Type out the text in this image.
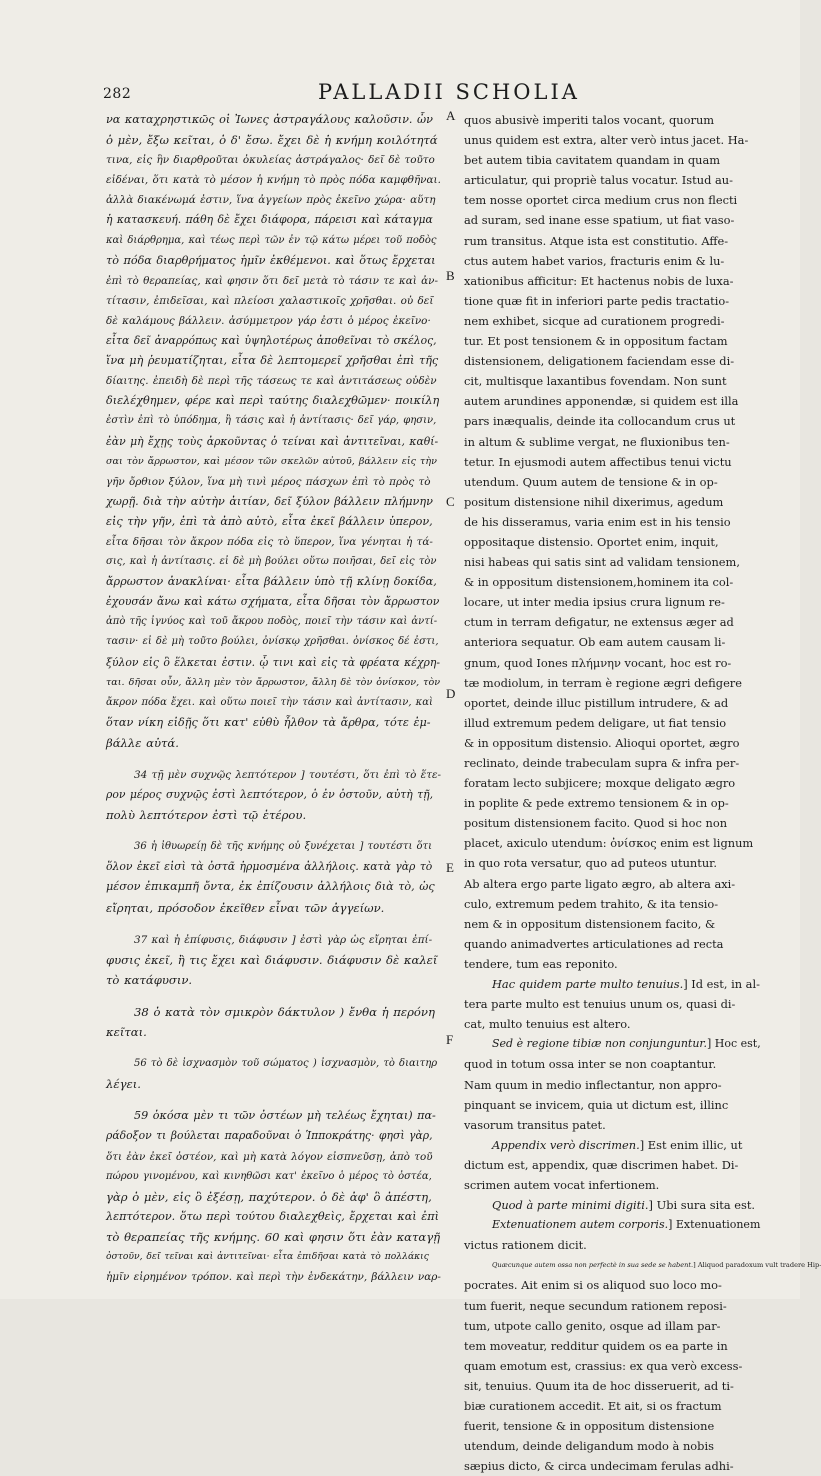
282	PALLADII SCHOLIA
A
B
C
D
E
F
να καταχρηστικῶς οἱ Ἰωνες ἀστραγάλους καλοῦσιν. ὧν
ὁ μὲν, ἔξω κεῖται, ὁ δ' ἔσω. ἔχει δὲ ἡ κνήμη κοιλότητά
τινα, εἰς ἣν διαρθροῦται ὀκυλείας ἀστράγαλος· δεῖ δὲ τοῦτο
εἰδέναι, ὅτι κατὰ τὸ μέσον ἡ κνήμη τὸ πρὸς πόδα καμφθῆναι.
ἀλλὰ διακένωμά ἐστιν, ἵνα ἀγγείων πρὸς ἐκεῖνο χώρα· αὕτη
ἡ κατασκευή. πάθη δὲ ἔχει διάφορα, πάρεισι καὶ κάταγμα
καὶ διάρθρημα, καὶ τέως περὶ τῶν ἐν τῷ κάτω μέρει τοῦ ποδὸς
τὸ πόδα διαρθρήματος ἡμῖν ἐκθέμενοι. καὶ ὅτως ἔρχεται
ἐπὶ τὸ θεραπείας, καὶ φησιν ὅτι δεῖ μετὰ τὸ τάσιν τε καὶ ἀν-
τίτασιν, ἐπιδεῖσαι, καὶ πλείοσι χαλαστικοῖς χρῆσθαι. οὐ δεῖ
δὲ καλάμους βάλλειν. ἀσύμμετρον γάρ ἐστι ὁ μέρος ἐκεῖνο·
εἶτα δεῖ ἀναρρόπως καὶ ὑψηλοτέρως ἀποθεῖναι τὸ σκέλος,
ἵνα μὴ ῥευματίζηται, εἶτα δὲ λεπτομερεῖ χρῆσθαι ἐπὶ τῆς
δίαιτης. ἐπειδὴ δὲ περὶ τῆς τάσεως τε καὶ ἀντιτάσεως οὐδὲν
διελέχθημεν, φέρε καὶ περὶ ταύτης διαλεχθῶμεν· ποικίλη
ἐστὶν ἐπὶ τὸ ὑπόδημα, ἢ τάσις καὶ ἡ ἀντίτασις· δεῖ γάρ, φησιν,
ἐὰν μὴ ἔχῃς τοὺς ἀρκοῦντας ὁ τείναι καὶ ἀντιτεῖναι, καθί-
σαι τὸν ἄρρωστον, καὶ μέσον τῶν σκελῶν αὐτοῦ, βάλλειν εἰς τὴν
γῆν ὄρθιον ξύλον, ἵνα μὴ τινὶ μέρος πάσχων ἐπὶ τὸ πρὸς τὸ
χωρῇ. διὰ τὴν αὐτὴν ἀιτίαν, δεῖ ξύλον βάλλειν πλήμνην
εἰς τὴν γῆν, ἐπὶ τὰ ἀπὸ αὐτὸ, εἶτα ἐκεῖ βάλλειν ὑπερον,
εἶτα δῆσαι τὸν ἄκρον πόδα εἰς τὸ ὕπερον, ἵνα γένηται ἡ τά-
σις, καὶ ἡ ἀντίτασις. εἰ δὲ μὴ βούλει οὕτω ποιῆσαι, δεῖ εἰς τὸν
ἄρρωστον ἀνακλίναι· εἶτα βάλλειν ὑπὸ τῇ κλίνῃ δοκίδα,
ἐχουσάν ἄνω καὶ κάτω σχήματα, εἶτα δῆσαι τὸν ἄρρωστον
ἀπὸ τῆς ἰγνύος καὶ τοῦ ἄκρου ποδὸς, ποιεῖ τὴν τάσιν καὶ ἀντί-
τασιν· εἰ δὲ μὴ τοῦτο βούλει, ὀνίσκῳ χρῆσθαι. ὀνίσκος δέ ἐστι,
ξύλον εἰς ὃ ἕλκεται ἐστιν. ᾧ τινι καὶ εἰς τὰ φρέατα κέχρη-
ται. δῆσαι οὖν, ἄλλη μὲν τὸν ἄρρωστον, ἄλλη δὲ τὸν ὀνίσκον, τὸν
ἄκρον πόδα ἔχει. καὶ οὕτω ποιεῖ τὴν τάσιν καὶ ἀντίτασιν, καὶ
ὅταν νίκη εἰδῇς ὅτι κατ' εὐθὺ ἦλθον τὰ ἄρθρα, τότε ἐμ-
βάλλε αὐτά.
34 τῇ μὲν συχνῷς λεπτότερον ] τουτέστι, ὅτι ἐπὶ τὸ ἕτε-
ρον μέρος συχνῷς ἐστὶ λεπτότερον, ὁ ἐν ὀστοῦν, αὐτὴ τῇ,
πολὺ λεπτότερον ἐστὶ τῷ ἑτέρου.
36 ἡ ἰθυωρείῃ δὲ τῆς κνήμης οὐ ξυνέχεται ] τουτέστι ὅτι
ὅλον ἐκεῖ εἰσὶ τὰ ὀστᾶ ἡρμοσμένα ἀλλήλοις. κατὰ γὰρ τὸ
μέσον ἐπικαμπῆ ὄντα, ἐκ ἐπίζουσιν ἀλλήλοις διὰ τὸ, ὡς
εἴρηται, πρόσοδον ἐκεῖθεν εἶναι τῶν ἀγγείων.
37 καὶ ἡ ἐπίφυσις, διάφυσιν ] ἐστὶ γὰρ ὡς εἴρηται ἐπί-
φυσις ἐκεῖ, ἢ τις ἔχει καὶ διάφυσιν. διάφυσιν δὲ καλεῖ
τὸ κατάφυσιν.
38 ὁ κατὰ τὸν σμικρὸν δάκτυλον ) ἔνθα ἡ περόνη
κεῖται.
56 τὸ δὲ ἰσχνασμὸν τοῦ σώματος ) ἰσχνασμὸν, τὸ διαιτηρ
λέγει.
59 ὁκόσα μὲν τι τῶν ὀστέων μὴ τελέως ἔχηται) πα-
ράδοξον τι βούλεται παραδοῦναι ὁ Ἱπποκράτης· φησὶ γὰρ,
ὅτι ἐὰν ἐκεῖ ὀστέον, καὶ μὴ κατὰ λόγον εἰσπνεῦσῃ, ἀπὸ τοῦ
πώρου γινομένου, καὶ κινηθῶσι κατ' ἐκεῖνο ὁ μέρος τὸ ὀστέα,
γὰρ ὁ μὲν, εἰς ὃ ἐξέσῃ, παχύτερον. ὁ δὲ ἀφ' ὃ ἀπέστη,
λεπτότερον. ὅτω περὶ τούτου διαλεχθεὶς, ἔρχεται καὶ ἐπὶ
τὸ θεραπείας τῆς κνήμης. 60 καὶ φησιν ὅτι ἐὰν καταγῇ
ὀστοῦν, δεῖ τεῖναι καὶ ἀντιτεῖναι· εἶτα ἐπιδῆσαι κατὰ τὸ πολλάκις
ἡμῖν εἰρημένον τρόπον. καὶ περὶ τὴν ἑνδεκάτην, βάλλειν ναρ-
quos abusivè imperiti talos vocant, quorum
unus quidem est extra, alter verò intus jacet. Ha-
bet autem tibia cavitatem quandam in quam
articulatur, qui propriè talus vocatur. Istud au-
tem nosse oportet circa medium crus non flecti
ad suram, sed inane esse spatium, ut fiat vaso-
rum transitus. Atque ista est constitutio. Affe-
ctus autem habet varios, fracturis enim & lu-
xationibus afficitur: Et hactenus nobis de luxa-
tione quæ fit in inferiori parte pedis tractatio-
nem exhibet, sicque ad curationem progredi-
tur. Et post tensionem & in oppositum factam
distensionem, deligationem faciendam esse di-
cit, multisque laxantibus fovendam. Non sunt
autem arundines apponendæ, si quidem est illa
pars inæqualis, deinde ita collocandum crus ut
in altum & sublime vergat, ne fluxionibus ten-
tetur. In ejusmodi autem affectibus tenui victu
utendum. Quum autem de tensione & in op-
positum distensione nihil dixerimus, agedum
de his disseramus, varia enim est in his tensio
oppositaque distensio. Oportet enim, inquit,
nisi habeas qui satis sint ad validam tensionem,
& in oppositum distensionem,hominem ita col-
locare, ut inter media ipsius crura lignum re-
ctum in terram defigatur, ne extensus æger ad
anteriora sequatur. Ob eam autem causam li-
gnum, quod Iones πλήμνην vocant, hoc est ro-
tæ modiolum, in terram è regione ægri defigere
oportet, deinde illuc pistillum intrudere, & ad
illud extremum pedem deligare, ut fiat tensio
& in oppositum distensio. Alioqui oportet, ægro
reclinato, deinde trabeculam supra & infra per-
foratam lecto subjicere; moxque deligato ægro
in poplite & pede extremo tensionem & in op-
positum distensionem facito. Quod si hoc non
placet, axiculo utendum: ὀνίσκος enim est lignum
in quo rota versatur, quo ad puteos utuntur.
Ab altera ergo parte ligato ægro, ab altera axi-
culo, extremum pedem trahito, & ita tensio-
nem & in oppositum distensionem facito, &
quando animadvertes articulationes ad recta
tendere, tum eas reponito.
Hac quidem parte multo tenuius.] Id est, in al-
tera parte multo est tenuius unum os, quasi di-
cat, multo tenuius est altero.
Sed è regione tibiæ non conjunguntur.] Hoc est,
quod in totum ossa inter se non coaptantur.
Nam quum in medio inflectantur, non appro-
pinquant se invicem, quia ut dictum est, illinc
vasorum transitus patet.
Appendix verò discrimen.] Est enim illic, ut
dictum est, appendix, quæ discrimen habet. Di-
scrimen autem vocat infertionem.
Quod à parte minimi digiti.] Ubi sura sita est.
Extenuationem autem corporis.] Extenuationem
victus rationem dicit.
Quæcunque autem ossa non perfectè in sua sede se habent.] Aliquod paradoxum vult tradere Hip-
pocrates. Ait enim si os aliquod suo loco mo-
tum fuerit, neque secundum rationem reposi-
tum, utpote callo genito, osque ad illam par-
tem moveatur, redditur quidem os ea parte in
quam emotum est, crassius: ex qua verò excess-
sit, tenuius. Quum ita de hoc disseruerit, ad ti-
biæ curationem accedit. Et ait, si os fractum
fuerit, tensione & in oppositum distensione
utendum, deinde deligandum modo à nobis
sæpius dicto, & circa undecimam ferulas adhi-
